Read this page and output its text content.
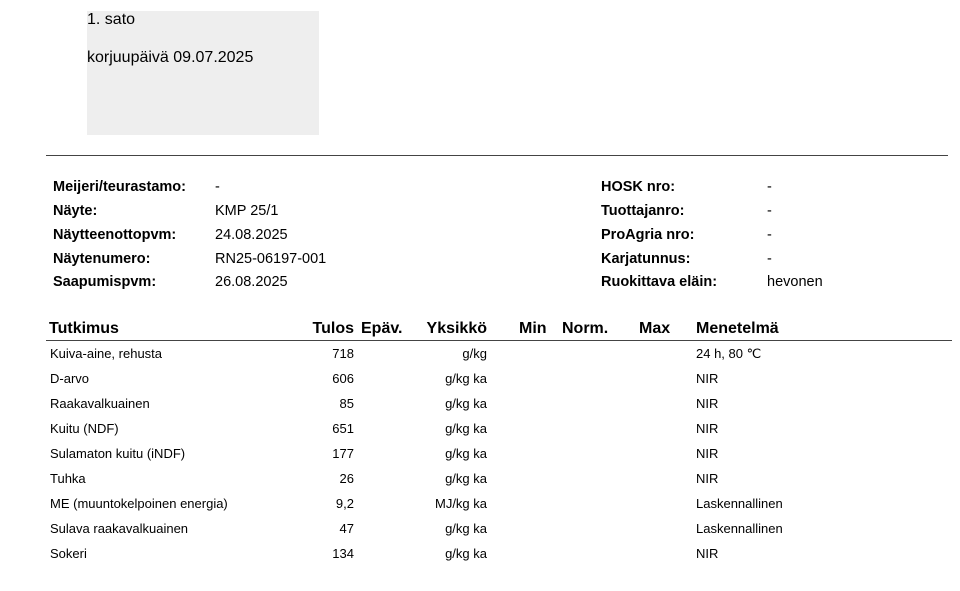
1. sato
korjuupäivä 09.07.2025
Meijeri/teurastamo: -
Näyte:	KMP 25/1
Näytteenottopvm:	24.08.2025
Näytenumero:	RN25-06197-001
Saapumispvm:	26.08.2025
HOSK nro:	-
Tuottajanro:	-
ProAgria nro:	-
Karjatunnus:	-
Ruokittava eläin:	hevonen
Tutkimus	Tulos Epäv.	Yksikkö Min Norm. Max Menetelmä
Kuiva-aine, rehusta	718	g/kg	24 h, 80 ℃
D-arvo	606	g/kg ka	NIR
Raakavalkuainen	85	g/kg ka	NIR
Kuitu (NDF)	651	g/kg ka	NIR
Sulamaton kuitu (iNDF)	177	g/kg ka	NIR
Tuhka	26	g/kg ka	NIR
ME (muuntokelpoinen energia)	9,2	MJ/kg ka	Laskennallinen
Sulava raakavalkuainen	47	g/kg ka	Laskennallinen
Sokeri	134	g/kg ka	NIR
